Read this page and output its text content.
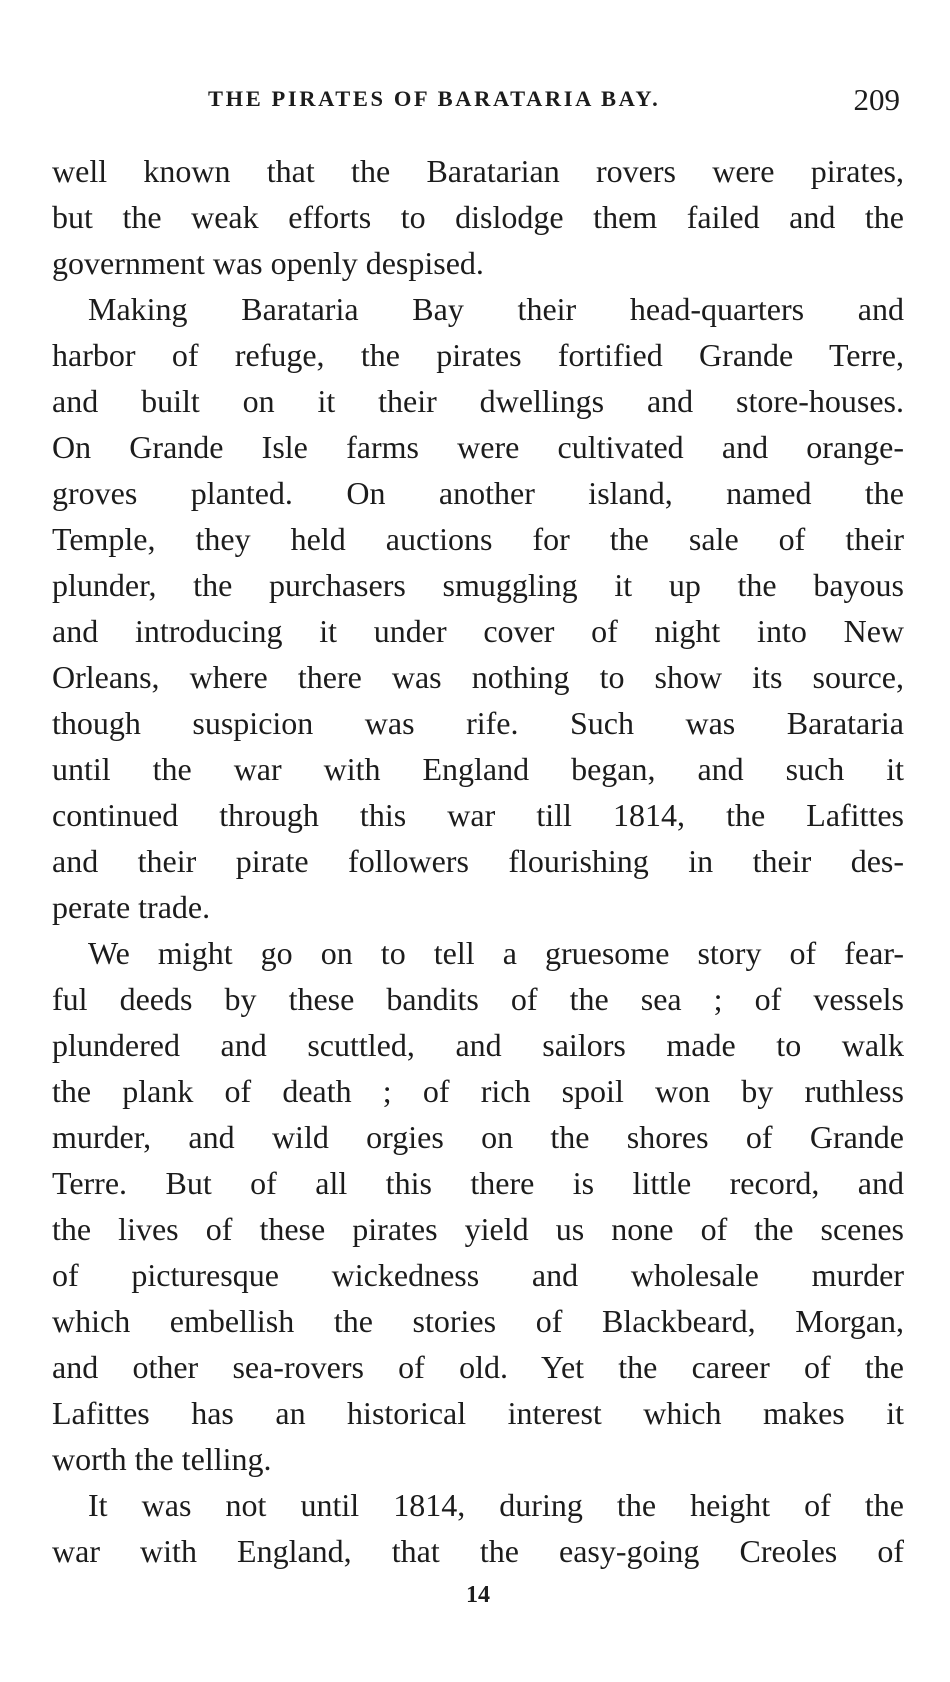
THE PIRATES OF BARATARIA BAY.	209
well known that the Baratarian rovers were pirates,
but the weak efforts to dislodge them failed and the
government was openly despised.
Making Barataria Bay their head-quarters and
harbor of refuge, the pirates fortified Grande Terre,
and built on it their dwellings and store-houses.
On Grande Isle farms were cultivated and orange-
groves planted. On another island, named the
Temple, they held auctions for the sale of their
plunder, the purchasers smuggling it up the bayous
and introducing it under cover of night into New
Orleans, where there was nothing to show its source,
though suspicion was rife. Such was Barataria
until the war with England began, and such it
continued through this war till 1814, the Lafittes
and their pirate followers flourishing in their des-
perate trade.
We might go on to tell a gruesome story of fear-
ful deeds by these bandits of the sea ; of vessels
plundered and scuttled, and sailors made to walk
the plank of death ; of rich spoil won by ruthless
murder, and wild orgies on the shores of Grande
Terre. But of all this there is little record, and
the lives of these pirates yield us none of the scenes
of picturesque wickedness and wholesale murder
which embellish the stories of Blackbeard, Morgan,
and other sea-rovers of old. Yet the career of the
Lafittes has an historical interest which makes it
worth the telling.
It was not until 1814, during the height of the
war with England, that the easy-going Creoles of
14
